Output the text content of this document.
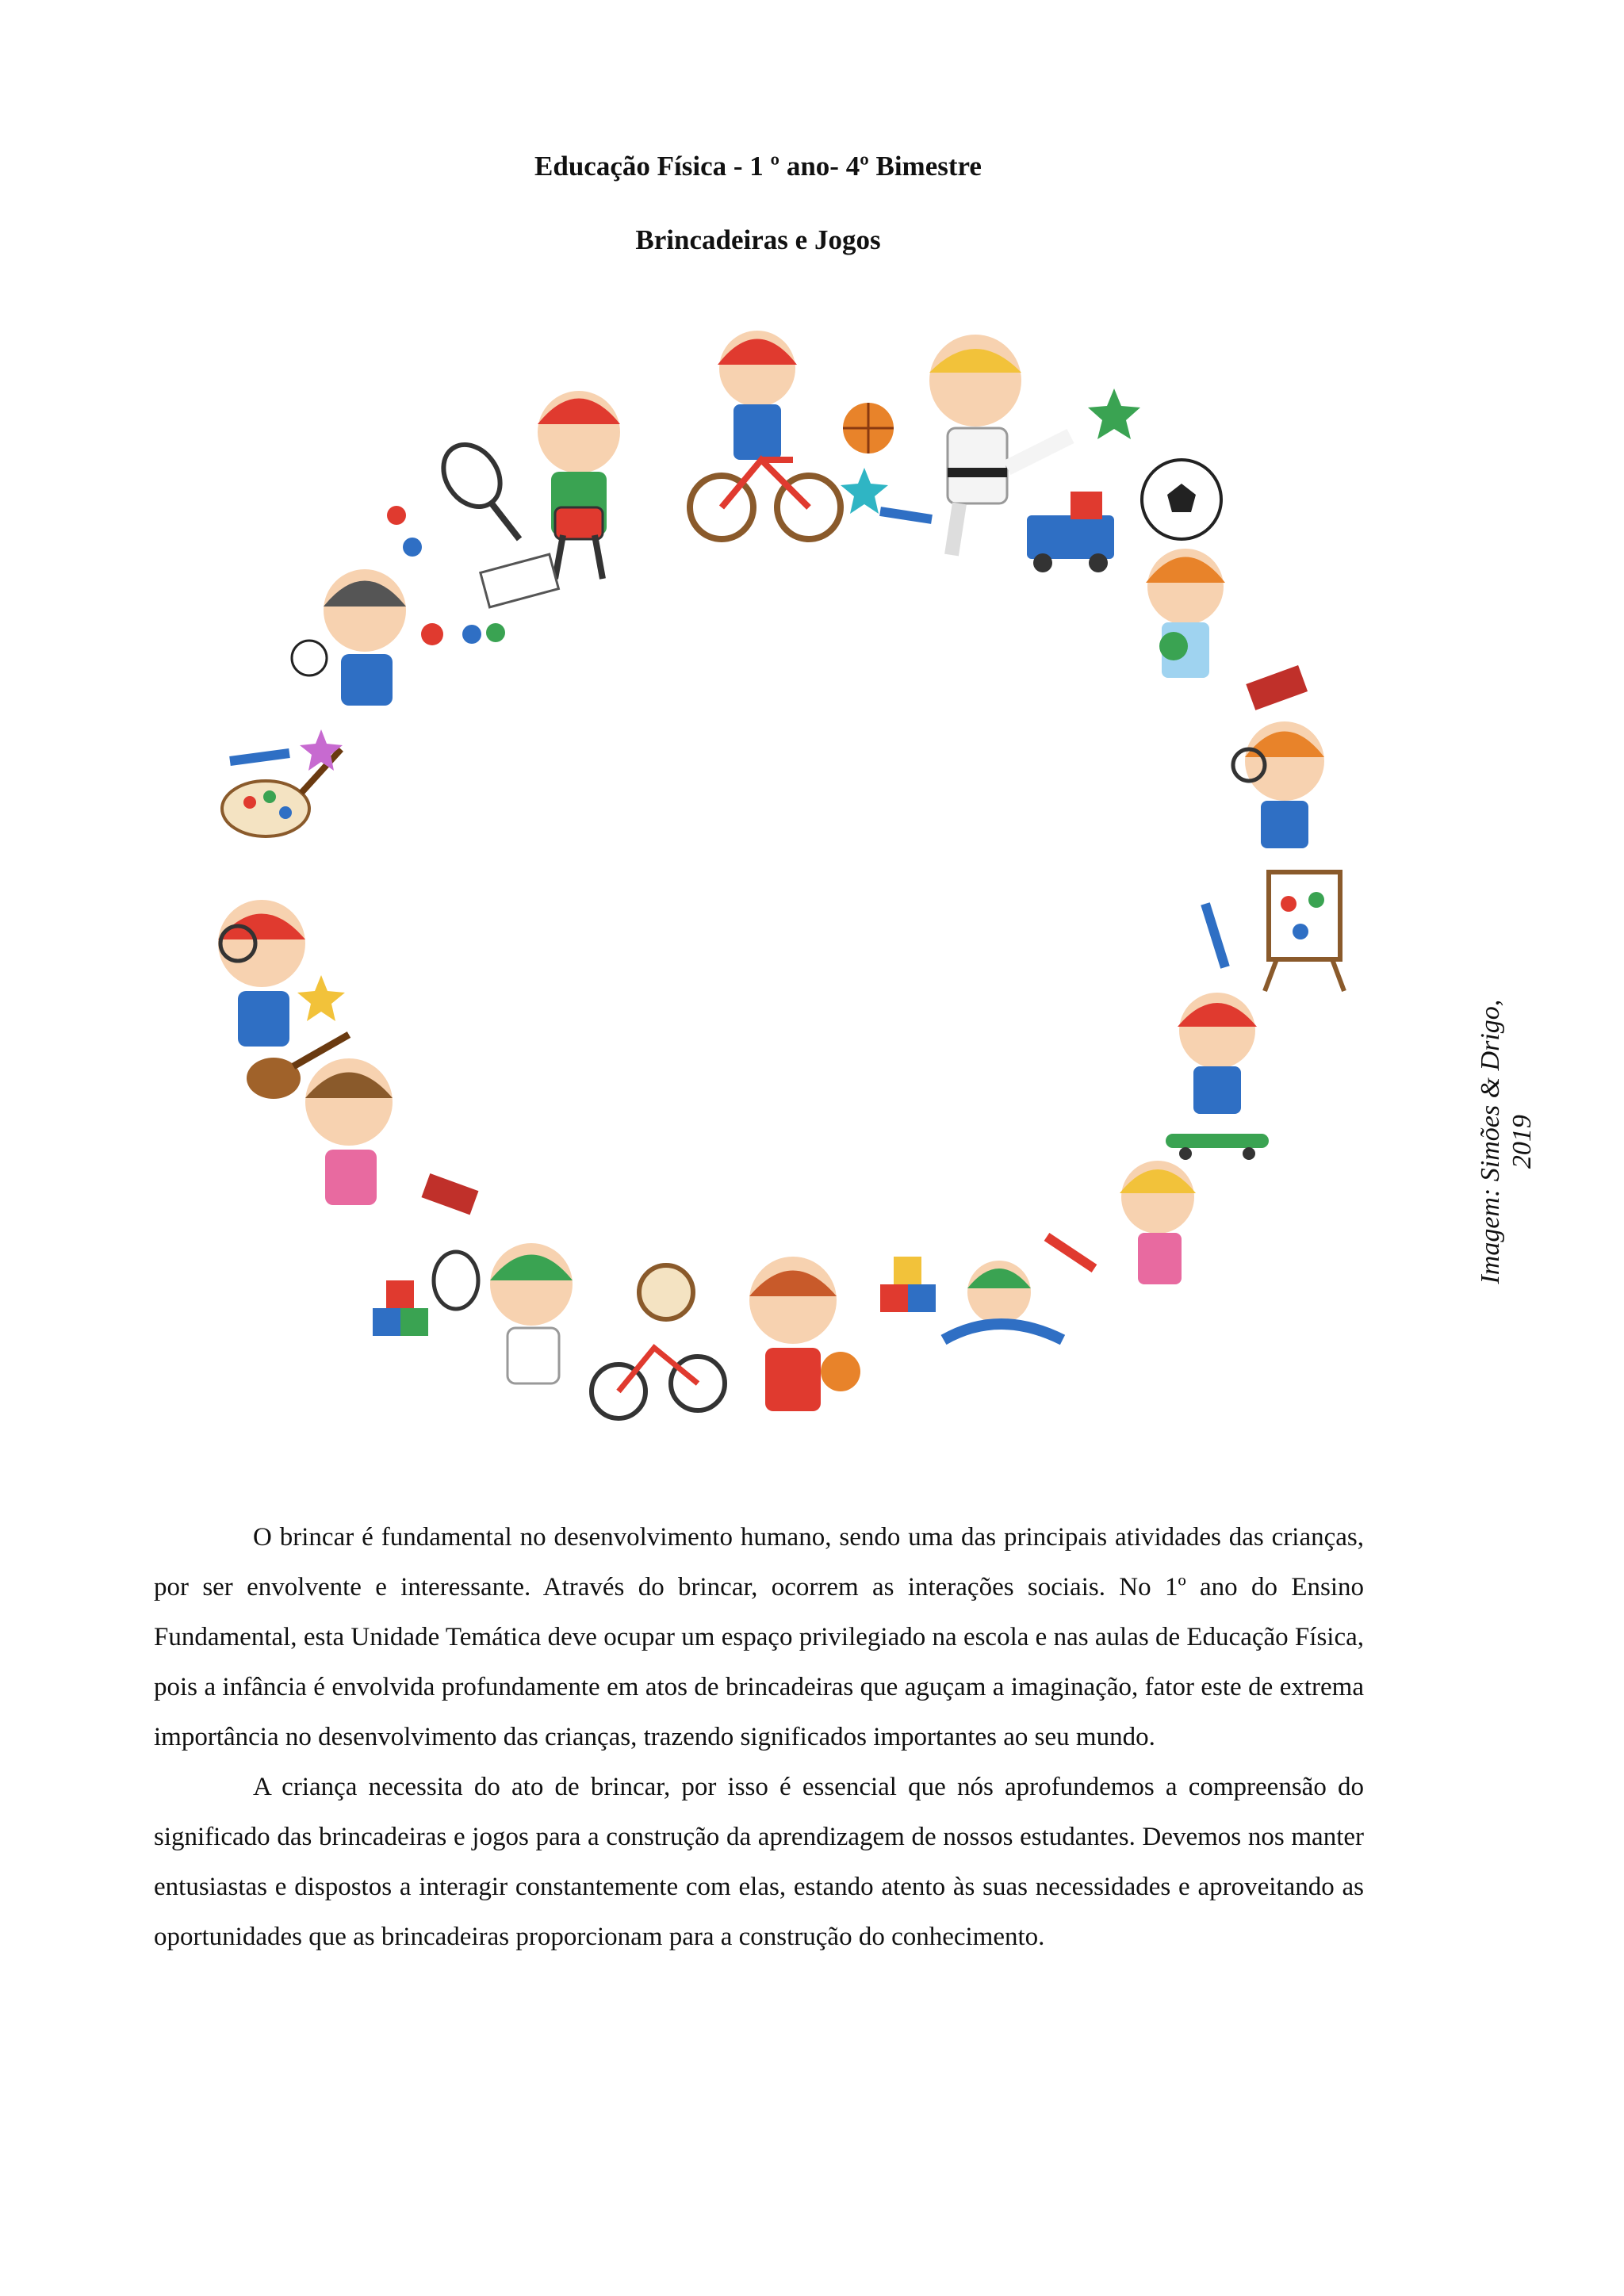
Educação Física - 1 º ano- 4º Bimestre
Brincadeiras e Jogos
Imagem: Simões & Drigo, 2019

O brincar é fundamental no desenvolvimento humano, sendo uma das principais atividades das crianças, por ser envolvente e interessante. Através do brincar, ocorrem as interações sociais. No 1º ano do Ensino Fundamental, esta Unidade Temática deve ocupar um espaço privilegiado na escola e nas aulas de Educação Física, pois a infância é envolvida profundamente em atos de brincadeiras que aguçam a imaginação, fator este de extrema importância no desenvolvimento das crianças, trazendo significados importantes ao seu mundo.

A criança necessita do ato de brincar, por isso é essencial que nós aprofundemos a compreensão do significado das brincadeiras e jogos para a construção da aprendizagem de nossos estudantes. Devemos nos manter entusiastas e dispostos a interagir constantemente com elas, estando atento às suas necessidades e aproveitando as oportunidades que as brincadeiras proporcionam para a construção do conhecimento.
